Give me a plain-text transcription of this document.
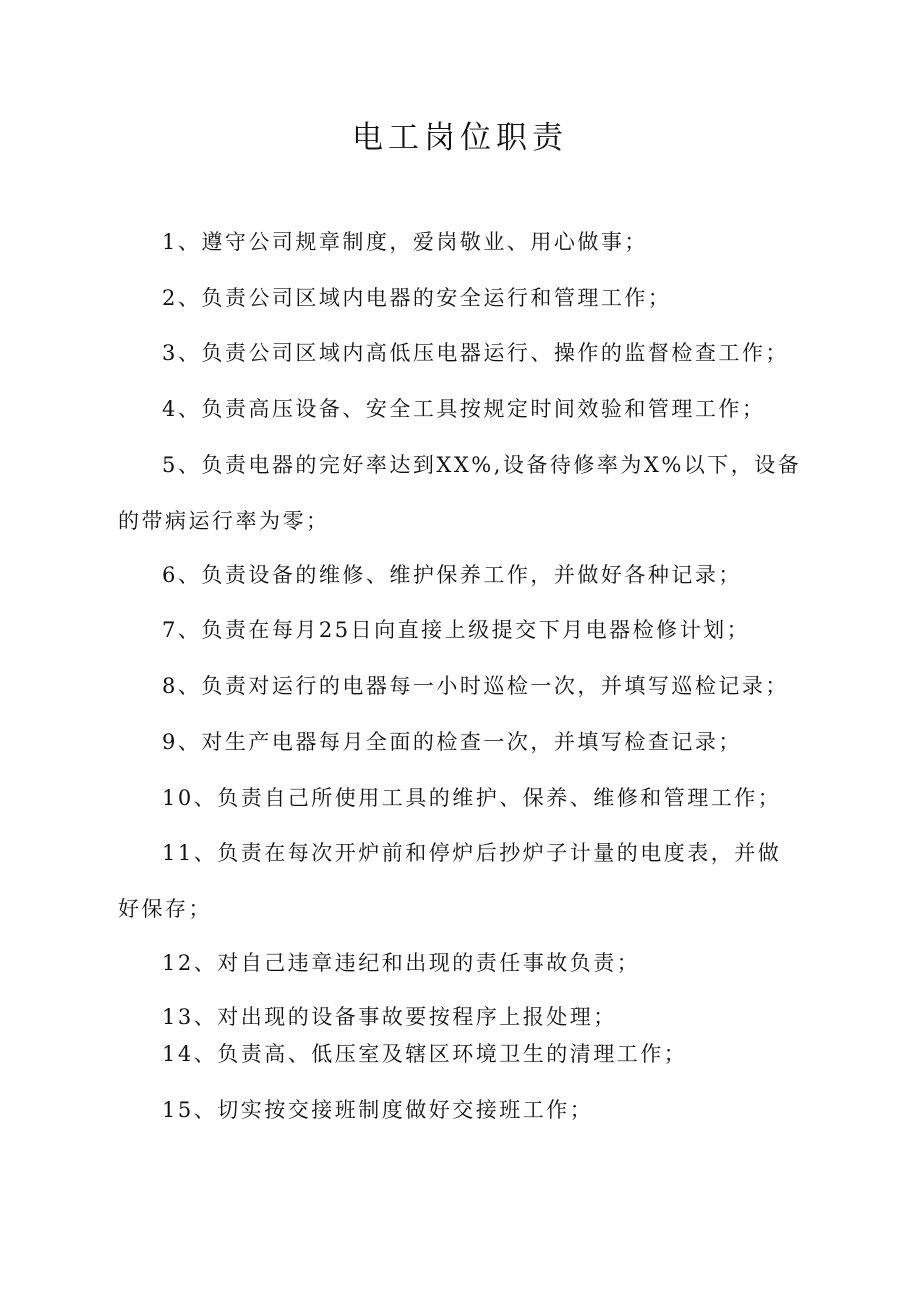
电工岗位职责
1、遵守公司规章制度，爱岗敬业、用心做事；
2、负责公司区域内电器的安全运行和管理工作；
3、负责公司区域内高低压电器运行、操作的监督检查工作；
4、负责高压设备、安全工具按规定时间效验和管理工作；
5、负责电器的完好率达到XX%,设备待修率为X%以下，设备
的带病运行率为零；
6、负责设备的维修、维护保养工作，并做好各种记录；
7、负责在每月25日向直接上级提交下月电器检修计划；
8、负责对运行的电器每一小时巡检一次，并填写巡检记录；
9、对生产电器每月全面的检查一次，并填写检查记录；
10、负责自己所使用工具的维护、保养、维修和管理工作；
11、负责在每次开炉前和停炉后抄炉子计量的电度表，并做
好保存；
12、对自己违章违纪和出现的责任事故负责；
13、对出现的设备事故要按程序上报处理；
14、负责高、低压室及辖区环境卫生的清理工作；
15、切实按交接班制度做好交接班工作；
